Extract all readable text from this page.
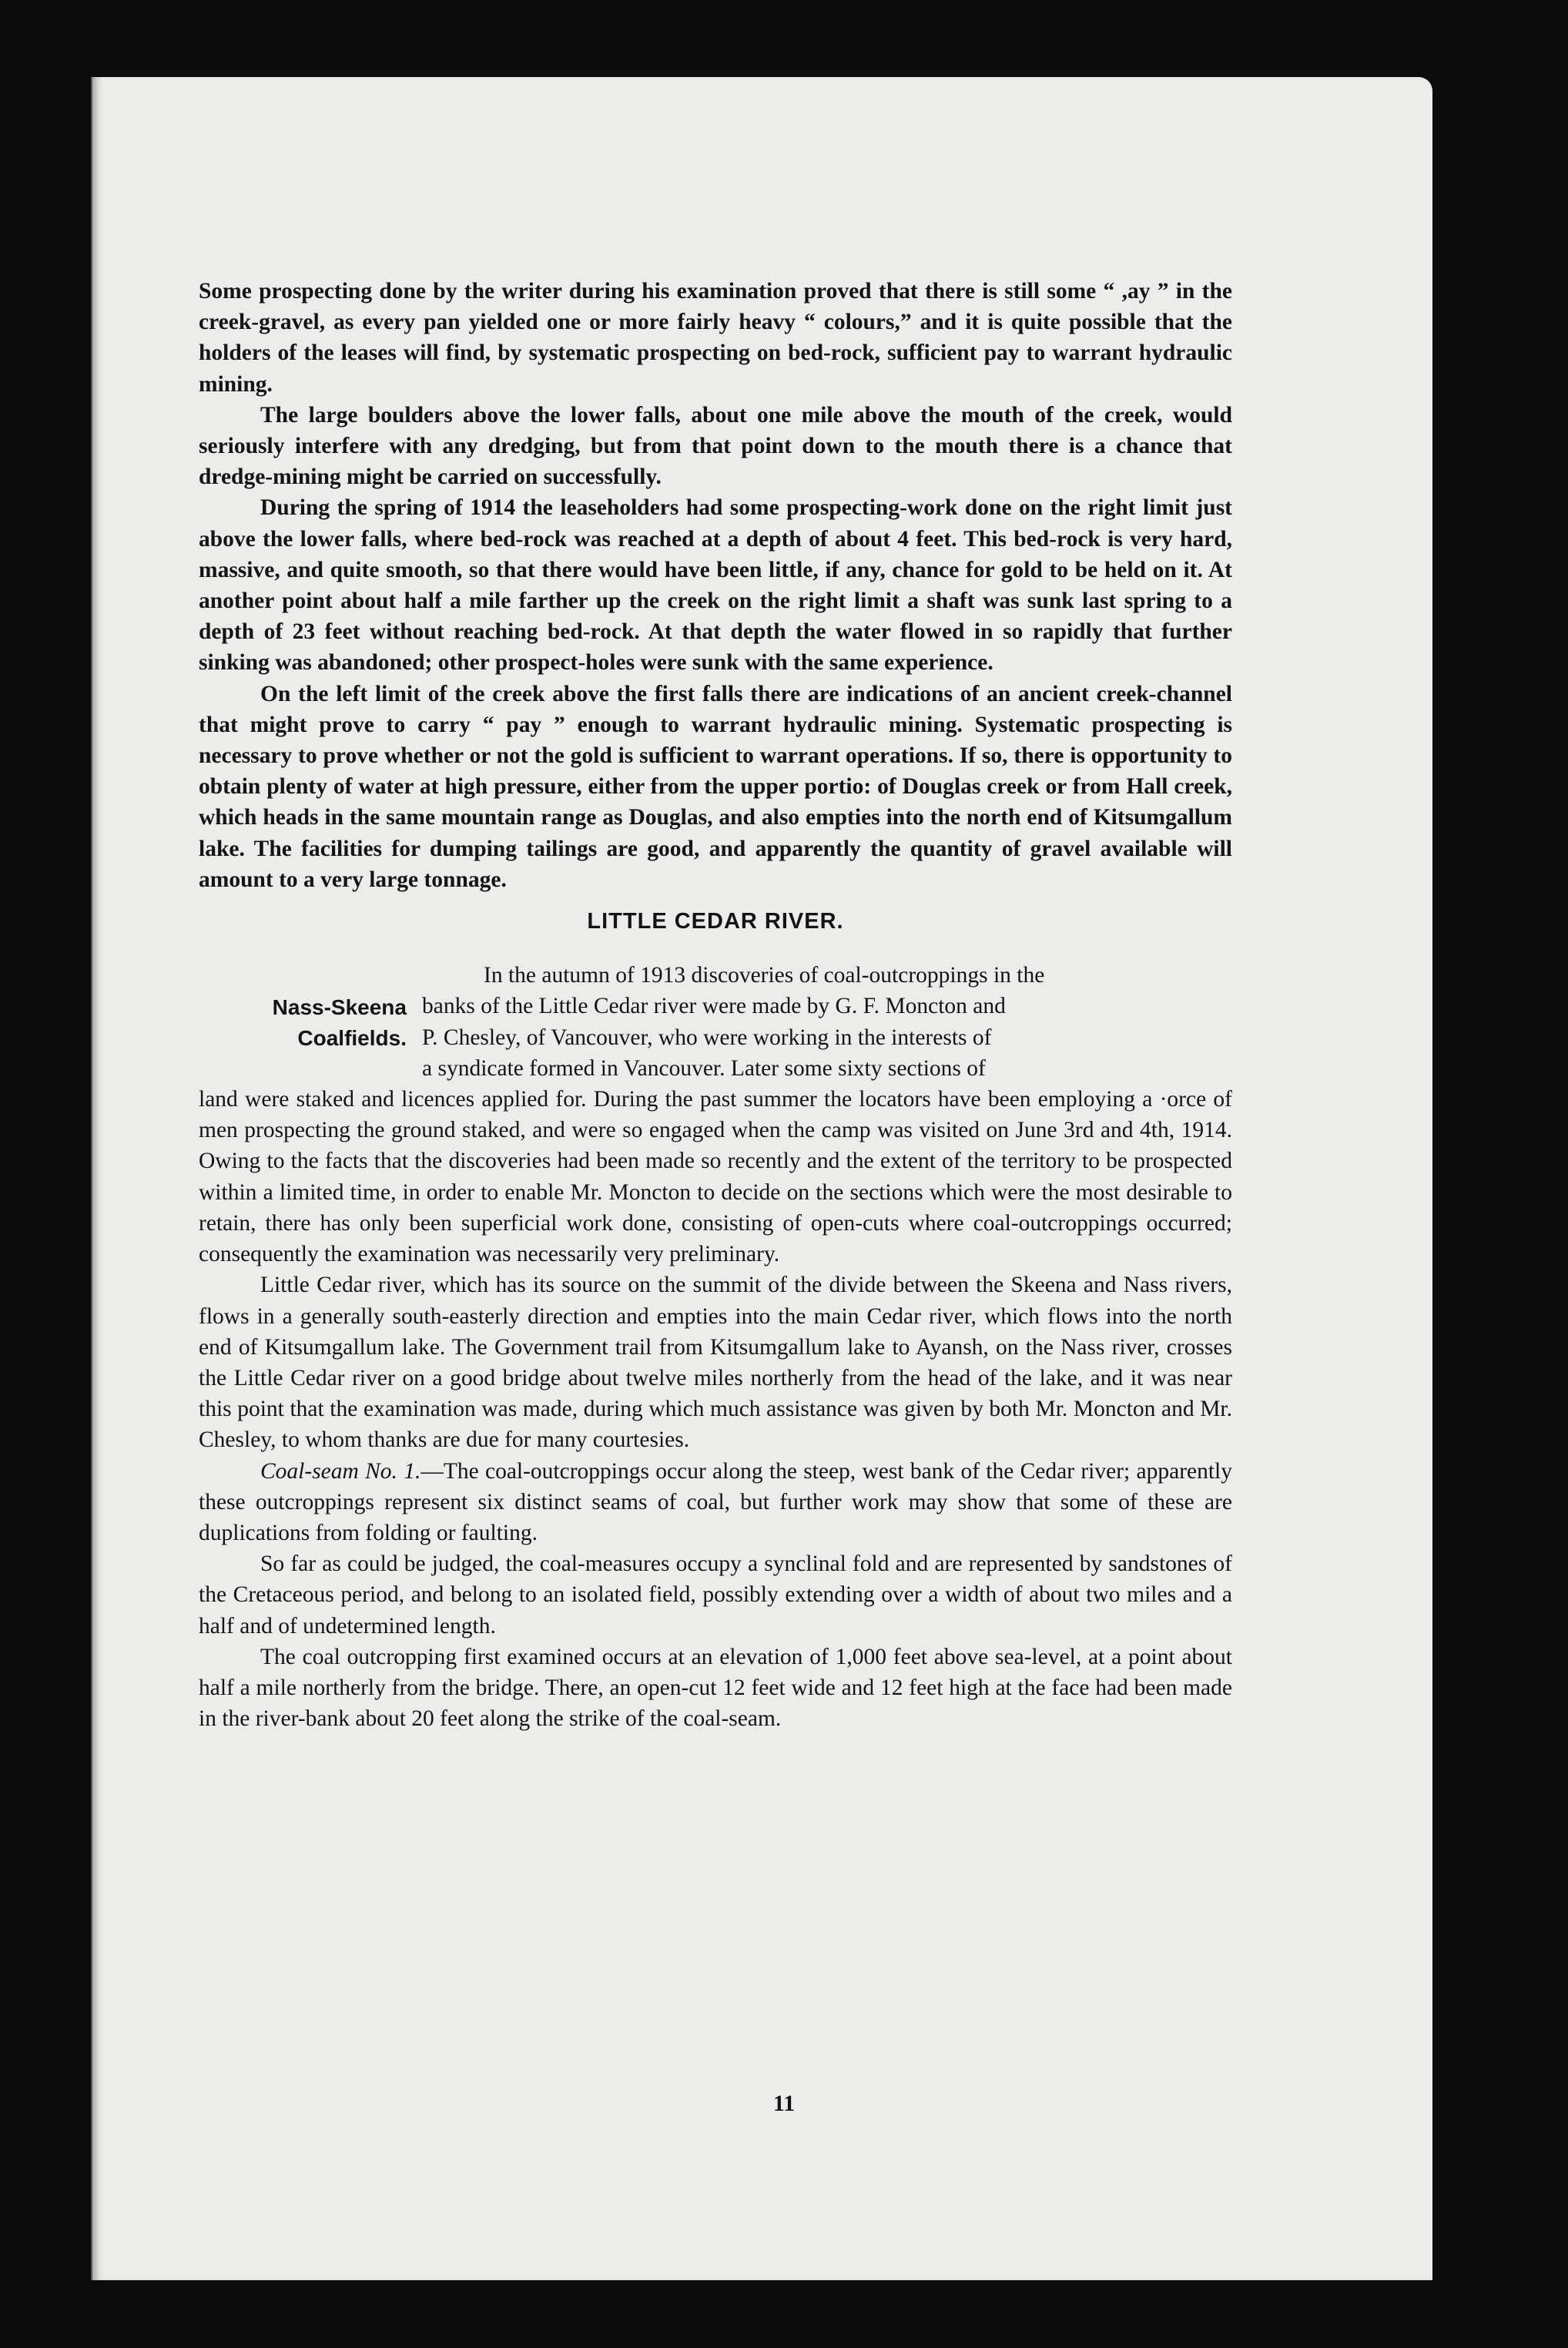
Some prospecting done by the writer during his examination proved that there is still some “ ,ay ” in the creek-gravel, as every pan yielded one or more fairly heavy “ colours,” and it is quite possible that the holders of the leases will find, by systematic prospecting on bed-rock, sufficient pay to warrant hydraulic mining.

The large boulders above the lower falls, about one mile above the mouth of the creek, would seriously interfere with any dredging, but from that point down to the mouth there is a chance that dredge-mining might be carried on successfully.

During the spring of 1914 the leaseholders had some prospecting-work done on the right limit just above the lower falls, where bed-rock was reached at a depth of about 4 feet. This bed-rock is very hard, massive, and quite smooth, so that there would have been little, if any, chance for gold to be held on it. At another point about half a mile farther up the creek on the right limit a shaft was sunk last spring to a depth of 23 feet without reaching bed-rock. At that depth the water flowed in so rapidly that further sinking was abandoned; other prospect-holes were sunk with the same experience.

On the left limit of the creek above the first falls there are indications of an ancient creek-channel that might prove to carry “ pay ” enough to warrant hydraulic mining. Systematic prospecting is necessary to prove whether or not the gold is sufficient to warrant operations. If so, there is opportunity to obtain plenty of water at high pressure, either from the upper portio: of Douglas creek or from Hall creek, which heads in the same mountain range as Douglas, and also empties into the north end of Kitsumgallum lake. The facilities for dumping tailings are good, and apparently the quantity of gravel available will amount to a very large tonnage.

LITTLE CEDAR RIVER.
Nass-Skeena
Coalfields.

In the autumn of 1913 discoveries of coal-outcroppings in the
banks of the Little Cedar river were made by G. F. Moncton and
P. Chesley, of Vancouver, who were working in the interests of
a syndicate formed in Vancouver. Later some sixty sections of

land were staked and licences applied for. During the past summer the locators have been employing a ·orce of men prospecting the ground staked, and were so engaged when the camp was visited on June 3rd and 4th, 1914. Owing to the facts that the discoveries had been made so recently and the extent of the territory to be prospected within a limited time, in order to enable Mr. Moncton to decide on the sections which were the most desirable to retain, there has only been superficial work done, consisting of open-cuts where coal-outcroppings occurred; consequently the examination was necessarily very preliminary.

Little Cedar river, which has its source on the summit of the divide between the Skeena and Nass rivers, flows in a generally south-easterly direction and empties into the main Cedar river, which flows into the north end of Kitsumgallum lake. The Government trail from Kitsumgallum lake to Ayansh, on the Nass river, crosses the Little Cedar river on a good bridge about twelve miles northerly from the head of the lake, and it was near this point that the examination was made, during which much assistance was given by both Mr. Moncton and Mr. Chesley, to whom thanks are due for many courtesies.

Coal-seam No. 1.—The coal-outcroppings occur along the steep, west bank of the Cedar river; apparently these outcroppings represent six distinct seams of coal, but further work may show that some of these are duplications from folding or faulting.

So far as could be judged, the coal-measures occupy a synclinal fold and are represented by sandstones of the Cretaceous period, and belong to an isolated field, possibly extending over a width of about two miles and a half and of undetermined length.

The coal outcropping first examined occurs at an elevation of 1,000 feet above sea-level, at a point about half a mile northerly from the bridge. There, an open-cut 12 feet wide and 12 feet high at the face had been made in the river-bank about 20 feet along the strike of the coal-seam.

11
